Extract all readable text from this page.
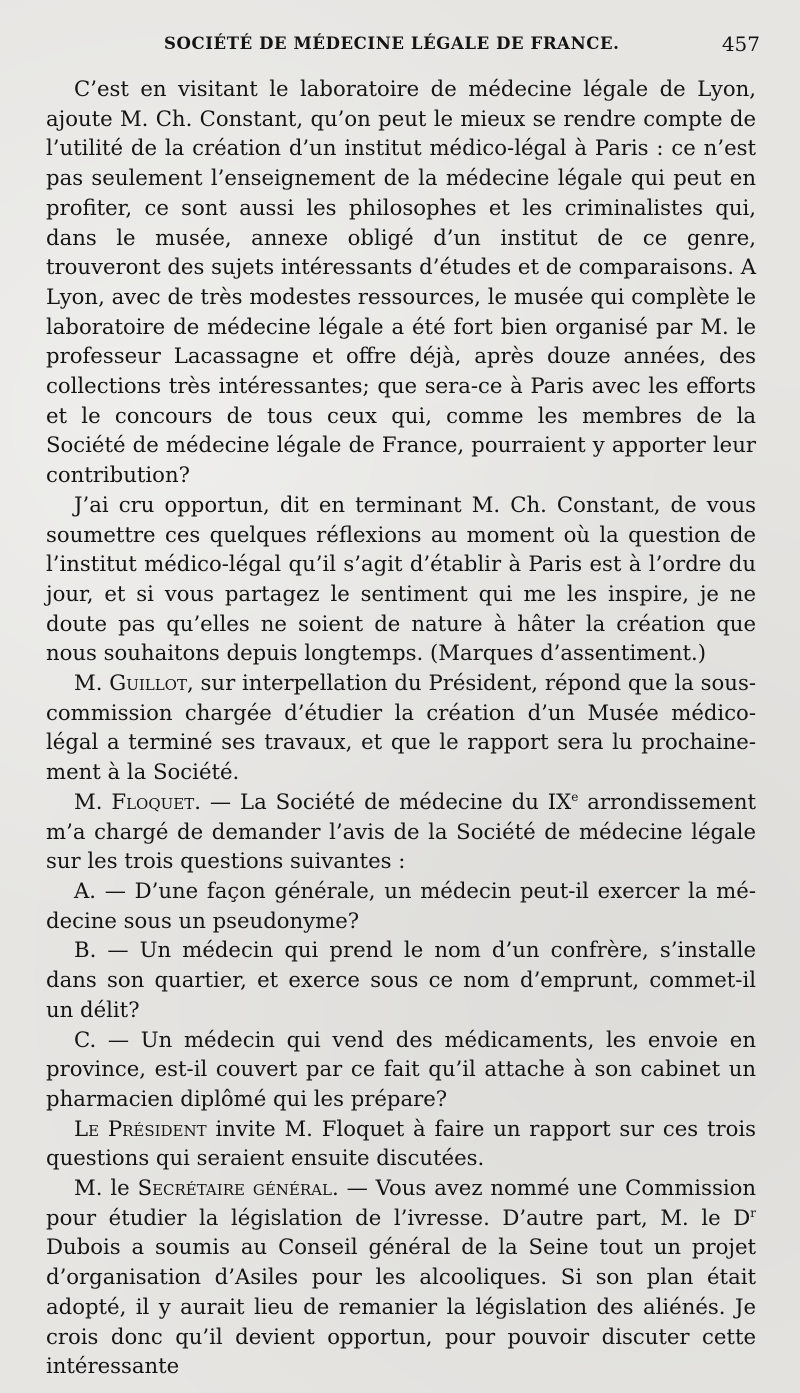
SOCIÉTÉ DE MÉDECINE LÉGALE DE FRANCE.	457

C’est en visitant le laboratoire de médecine légale de Lyon, ajoute M. Ch. Constant, qu’on peut le mieux se rendre compte de l’utilité de la création d’un institut médico-légal à Paris : ce n’est pas seulement l’enseignement de la médecine légale qui peut en profiter, ce sont aussi les philosophes et les criminalistes qui, dans le musée, annexe obligé d’un institut de ce genre, trouveront des sujets intéressants d’études et de comparaisons. A Lyon, avec de très modestes ressources, le musée qui complète le laboratoire de médecine légale a été fort bien organisé par M. le professeur Lacassagne et offre déjà, après douze années, des collections très intéressantes; que sera-ce à Paris avec les efforts et le concours de tous ceux qui, comme les membres de la Société de médecine légale de France, pourraient y apporter leur contribution?

J’ai cru opportun, dit en terminant M. Ch. Constant, de vous soumettre ces quelques réflexions au moment où la question de l’institut médico-légal qu’il s’agit d’établir à Paris est à l’ordre du jour, et si vous partagez le sentiment qui me les inspire, je ne doute pas qu’elles ne soient de nature à hâter la création que nous souhaitons depuis longtemps. (Marques d’assentiment.)

M. Guillot, sur interpellation du Président, répond que la souscommission chargée d’étudier la création d’un Musée médicolégal a terminé ses travaux, et que le rapport sera lu prochainement à la Société.

M. Floquet. — La Société de médecine du IXe arrondissement m’a chargé de demander l’avis de la Société de médecine légale sur les trois questions suivantes :

A. — D’une façon générale, un médecin peut-il exercer la médecine sous un pseudonyme?

B. — Un médecin qui prend le nom d’un confrère, s’installe dans son quartier, et exerce sous ce nom d’emprunt, commet-il un délit?

C. — Un médecin qui vend des médicaments, les envoie en province, est-il couvert par ce fait qu’il attache à son cabinet un pharmacien diplômé qui les prépare?

Le Président invite M. Floquet à faire un rapport sur ces trois questions qui seraient ensuite discutées.

M. le Secrétaire général. — Vous avez nommé une Commission pour étudier la législation de l’ivresse. D’autre part, M. le $D^r$ Dubois a soumis au Conseil général de la Seine tout un projet d’organisation d’Asiles pour les alcooliques. Si son plan était adopté, il y aurait lieu de remanier la législation des aliénés. Je crois donc qu’il devient opportun, pour pouvoir discuter cette intéressante
